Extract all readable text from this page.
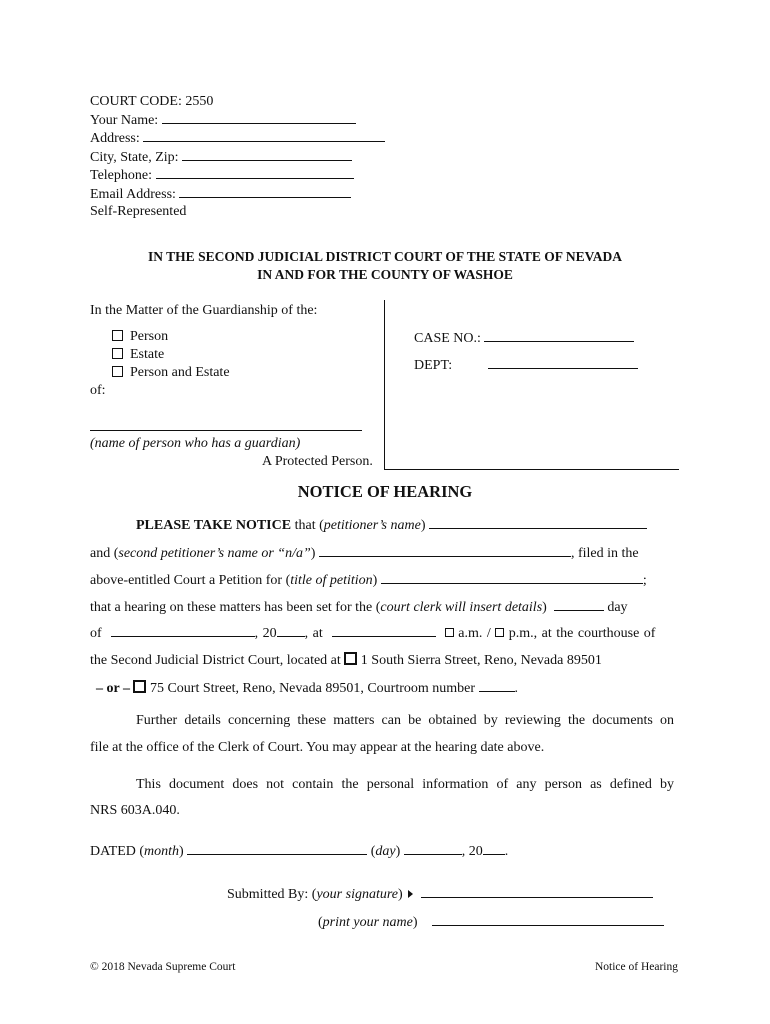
COURT CODE: 2550
Your Name:
Address:
City, State, Zip:
Telephone:
Email Address:
Self-Represented
IN THE SECOND JUDICIAL DISTRICT COURT OF THE STATE OF NEVADA
IN AND FOR THE COUNTY OF WASHOE
In the Matter of the Guardianship of the:
Person
Estate
Person and Estate
of:
(name of person who has a guardian)
A Protected Person.
CASE NO.:
DEPT:
NOTICE OF HEARING
PLEASE TAKE NOTICE that (petitioner’s name)
and (second petitioner’s name or “n/a”)	, filed in the
above-entitled Court a Petition for (title of petition)	;
that a hearing on these matters has been set for the (court clerk will insert details)	day
of	, 20 , at	a.m. / p.m., at the courthouse of
the Second Judicial District Court, located at 1 South Sierra Street, Reno, Nevada 89501
– or – 75 Court Street, Reno, Nevada 89501, Courtroom number	.
Further details concerning these matters can be obtained by reviewing the documents on
file at the office of the Clerk of Court. You may appear at the hearing date above.
This document does not contain the personal information of any person as defined by
NRS 603A.040.
DATED (month)	(day)	, 20 .
Submitted By: (your signature)
(print your name)
© 2018 Nevada Supreme Court	Notice of Hearing
